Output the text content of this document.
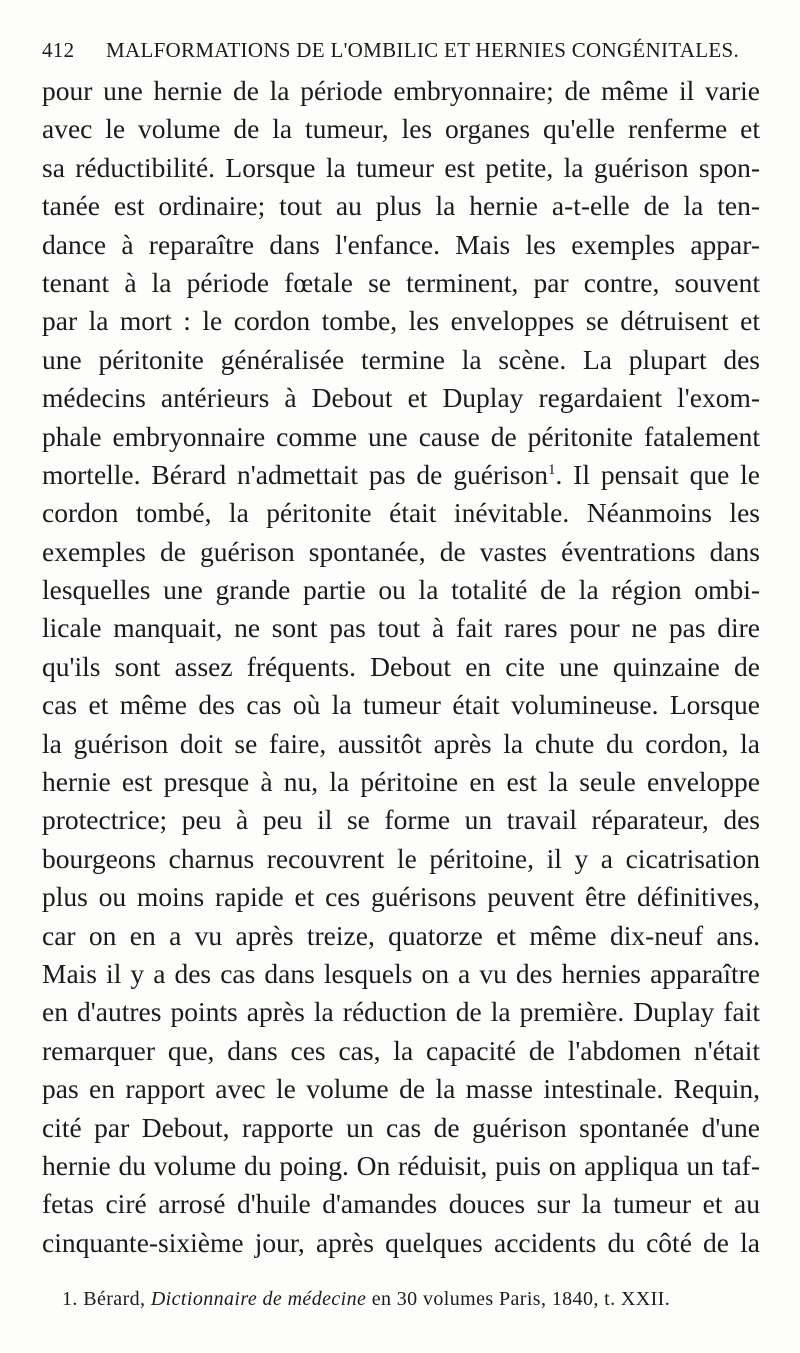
412 MALFORMATIONS DE L'OMBILIC ET HERNIES CONGÉNITALES.
pour une hernie de la période embryonnaire; de même il varie
avec le volume de la tumeur, les organes qu'elle renferme et
sa réductibilité. Lorsque la tumeur est petite, la guérison spon-
tanée est ordinaire; tout au plus la hernie a-t-elle de la ten-
dance à reparaître dans l'enfance. Mais les exemples appar-
tenant à la période fœtale se terminent, par contre, souvent
par la mort : le cordon tombe, les enveloppes se détruisent et
une péritonite généralisée termine la scène. La plupart des
médecins antérieurs à Debout et Duplay regardaient l'exom-
phale embryonnaire comme une cause de péritonite fatalement
mortelle. Bérard n'admettait pas de guérison$^1$. Il pensait que le
cordon tombé, la péritonite était inévitable. Néanmoins les
exemples de guérison spontanée, de vastes éventrations dans
lesquelles une grande partie ou la totalité de la région ombi-
licale manquait, ne sont pas tout à fait rares pour ne pas dire
qu'ils sont assez fréquents. Debout en cite une quinzaine de
cas et même des cas où la tumeur était volumineuse. Lorsque
la guérison doit se faire, aussitôt après la chute du cordon, la
hernie est presque à nu, la péritoine en est la seule enveloppe
protectrice; peu à peu il se forme un travail réparateur, des
bourgeons charnus recouvrent le péritoine, il y a cicatrisation
plus ou moins rapide et ces guérisons peuvent être définitives,
car on en a vu après treize, quatorze et même dix-neuf ans.
Mais il y a des cas dans lesquels on a vu des hernies apparaître
en d'autres points après la réduction de la première. Duplay fait
remarquer que, dans ces cas, la capacité de l'abdomen n'était
pas en rapport avec le volume de la masse intestinale. Requin,
cité par Debout, rapporte un cas de guérison spontanée d'une
hernie du volume du poing. On réduisit, puis on appliqua un taf-
fetas ciré arrosé d'huile d'amandes douces sur la tumeur et au
cinquante-sixième jour, après quelques accidents du côté de la
1. Bérard, Dictionnaire de médecine en 30 volumes Paris, 1840, t. XXII.
